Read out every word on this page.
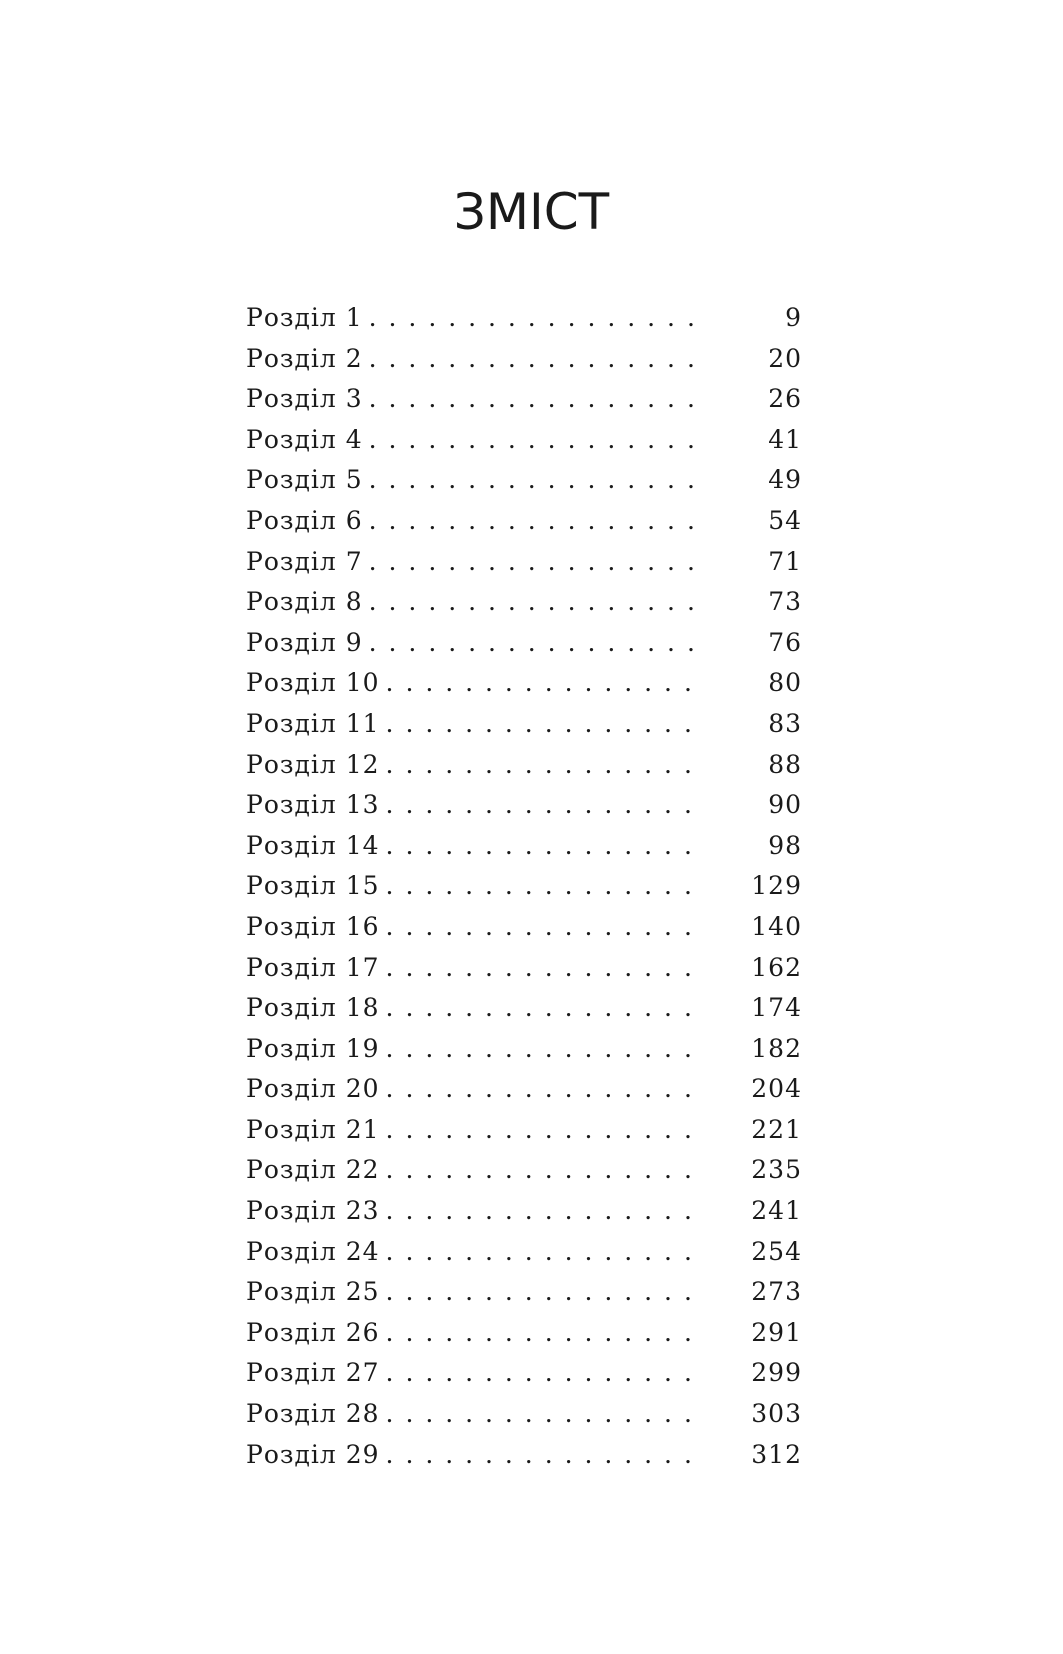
ЗМІСТ
Розділ 1 . . .	9
Розділ 2 . . .	20
Розділ 3 . . .	26
Розділ 4 . . .	41
Розділ 5 . . .	49
Розділ 6 . . .	54
Розділ 7 . . .	71
Розділ 8 . . .	73
Розділ 9 . . .	76
Розділ 10 . . .	80
Розділ 11 . . .	83
Розділ 12 . . .	88
Розділ 13 . . .	90
Розділ 14 . . .	98
Розділ 15 . . .	129
Розділ 16 . . .	140
Розділ 17 . . .	162
Розділ 18 . . .	174
Розділ 19 . . .	182
Розділ 20 . . .	204
Розділ 21 . . .	221
Розділ 22 . . .	235
Розділ 23 . . .	241
Розділ 24 . . .	254
Розділ 25 . . .	273
Розділ 26 . . .	291
Розділ 27 . . .	299
Розділ 28 . . .	303
Розділ 29 . . .	312
